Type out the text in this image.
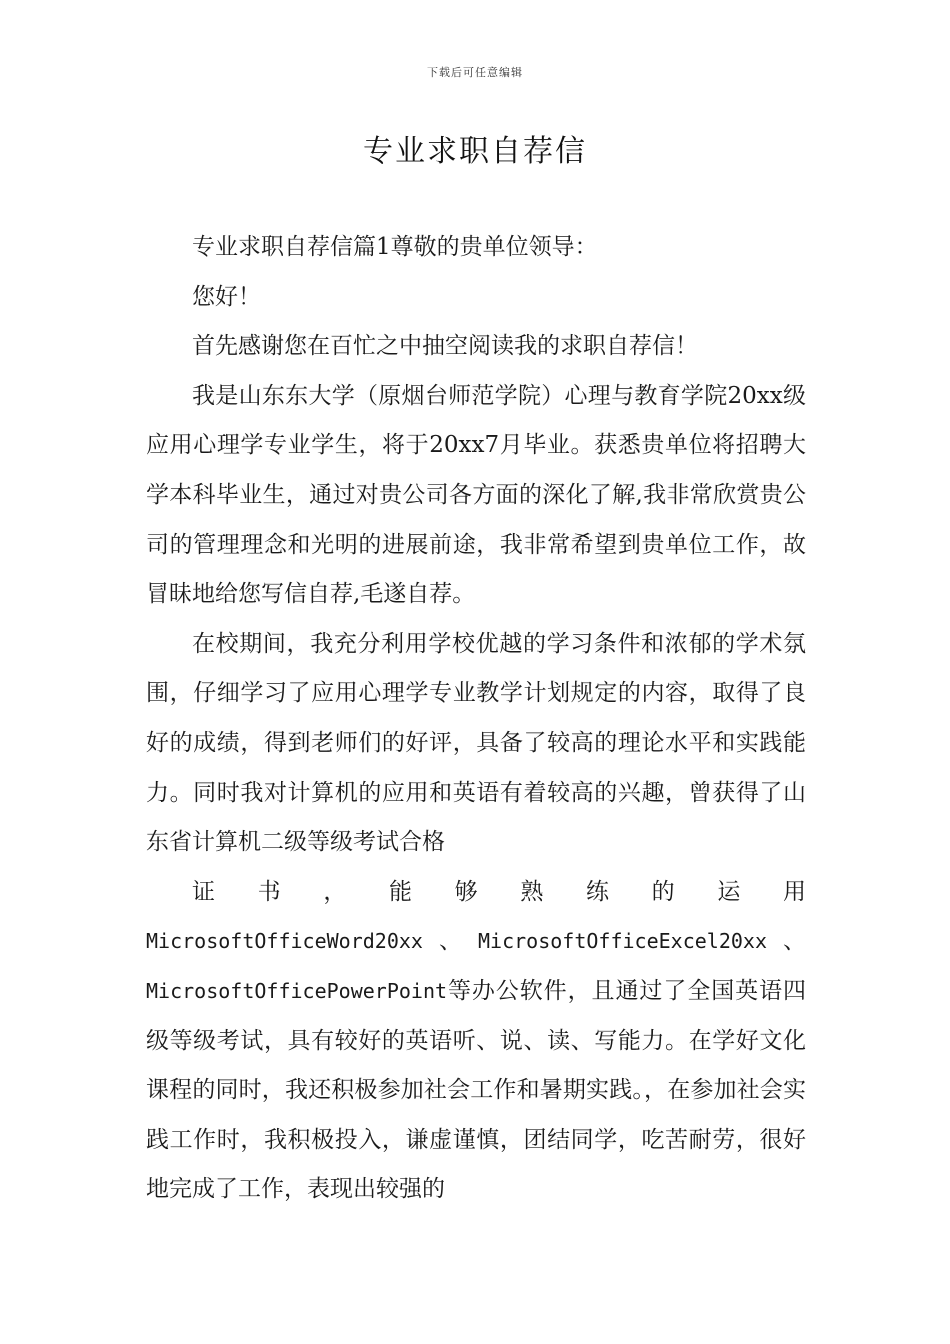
下载后可任意编辑
专业求职自荐信

专业求职自荐信篇1尊敬的贵单位领导：

您好！

首先感谢您在百忙之中抽空阅读我的求职自荐信！

我是山东东大学（原烟台师范学院）心理与教育学院20xx级应用心理学专业学生，将于20xx7月毕业。获悉贵单位将招聘大学本科毕业生，通过对贵公司各方面的深化了解,我非常欣赏贵公司的管理理念和光明的进展前途，我非常希望到贵单位工作，故冒昧地给您写信自荐,毛遂自荐。

在校期间，我充分利用学校优越的学习条件和浓郁的学术氛围，仔细学习了应用心理学专业教学计划规定的内容，取得了良好的成绩，得到老师们的好评，具备了较高的理论水平和实践能力。同时我对计算机的应用和英语有着较高的兴趣，曾获得了山东省计算机二级等级考试合格
证 书 ， 能 够 熟 练 的 运 用
MicrosoftOfficeWord20xx、MicrosoftOfficeExcel20xx、MicrosoftOfficePowerPoint等办公软件，且通过了全国英语四级等级考试，具有较好的英语听、说、读、写能力。在学好文化课程的同时，我还积极参加社会工作和暑期实践。，在参加社会实践工作时，我积极投入，谦虚谨慎，团结同学，吃苦耐劳，很好地完成了工作，表现出较强的
